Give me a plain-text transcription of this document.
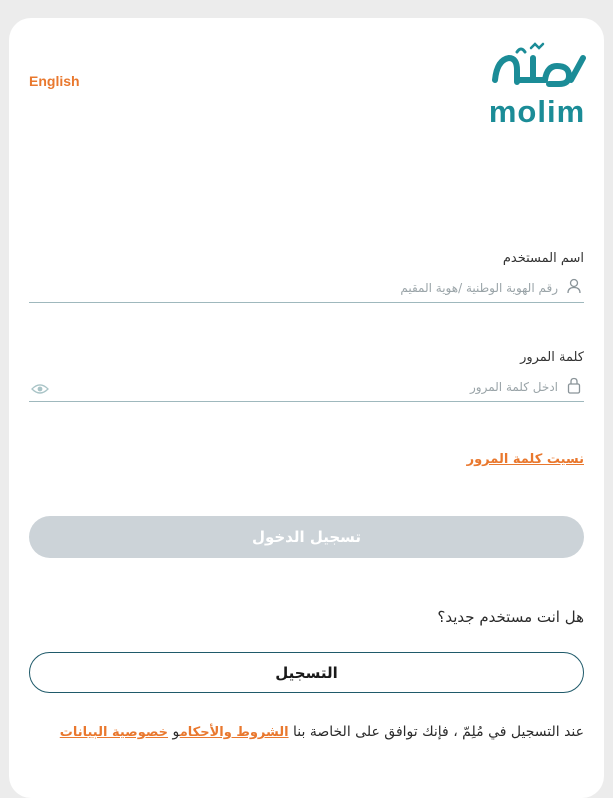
English
molim
اسم المستخدم
رقم الهوية الوطنية /هوية المقيم
كلمة المرور
نسيت كلمة المرور
تسجيل الدخول
هل انت مستخدم جديد؟
التسجيل
عند التسجيل في مُلِمّ ، فإنك توافق على الخاصة بنا الشروط والأحكامو خصوصية البيانات
